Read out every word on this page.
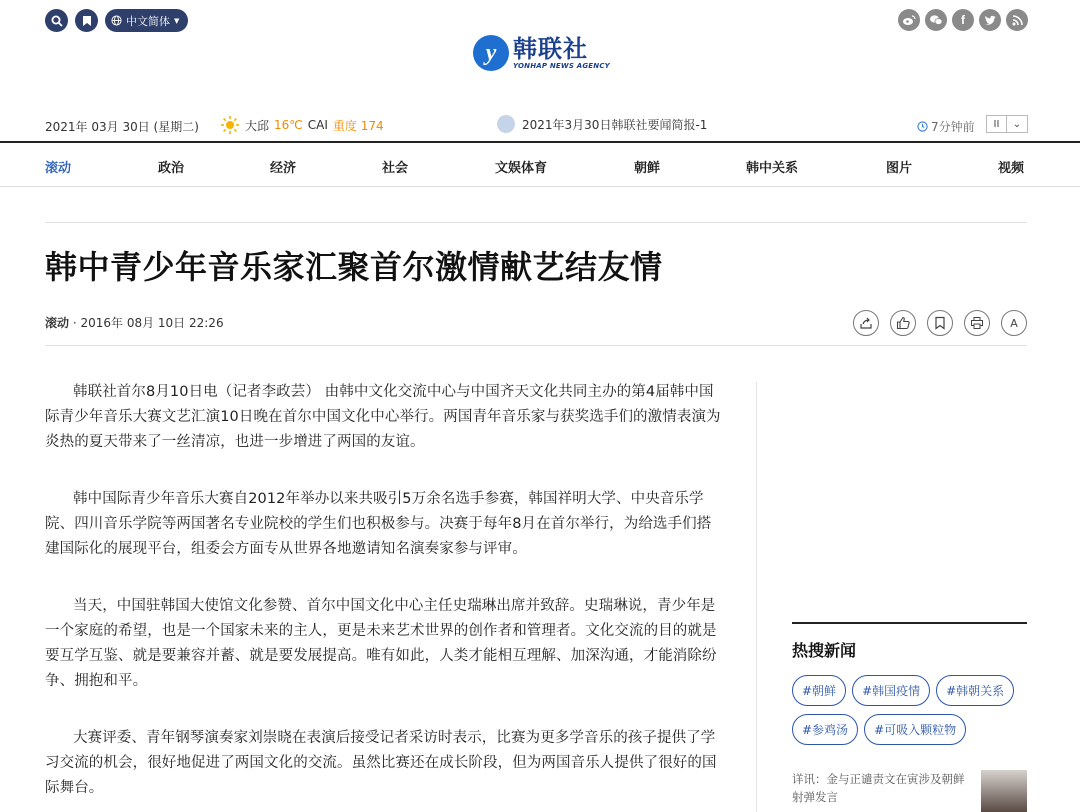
中文简体 ▼
y 韩联社
YONHAP NEWS AGENCY
f
2021年 03月 30日 (星期二)	大邱 16℃ CAI 重度 174	2021年3月30日韩联社要闻简报-1	7分钟前	II	⌄
滚动	政治	经济	社会	文娱体育	朝鲜	韩中关系	图片	视频
韩中青少年音乐家汇聚首尔激情献艺结友情
滚动 · 2016年 08月 10日 22:26	A

韩联社首尔8月10日电（记者李政芸） 由韩中文化交流中心与中国齐天文化共同主办的第4届韩中国际青少年音乐大赛文艺汇演10日晚在首尔中国文化中心举行。两国青年音乐家与获奖选手们的激情表演为炎热的夏天带来了一丝清凉，也进一步增进了两国的友谊。

韩中国际青少年音乐大赛自2012年举办以来共吸引5万余名选手参赛，韩国祥明大学、中央音乐学院、四川音乐学院等两国著名专业院校的学生们也积极参与。决赛于每年8月在首尔举行，为给选手们搭建国际化的展现平台，组委会方面专从世界各地邀请知名演奏家参与评审。

当天，中国驻韩国大使馆文化参赞、首尔中国文化中心主任史瑞琳出席并致辞。史瑞琳说，青少年是一个家庭的希望，也是一个国家未来的主人，更是未来艺术世界的创作者和管理者。文化交流的目的就是要互学互鉴、就是要兼容并蓄、就是要发展提高。唯有如此，人类才能相互理解、加深沟通，才能消除纷争、拥抱和平。

大赛评委、青年钢琴演奏家刘崇晓在表演后接受记者采访时表示，比赛为更多学音乐的孩子提供了学习交流的机会，很好地促进了两国文化的交流。虽然比赛还在成长阶段，但为两国音乐人提供了很好的国际舞台。

热搜新闻
#朝鲜	#韩国疫情	#韩朝关系
#参鸡汤	#可吸入颗粒物
详讯：金与正谴责文在寅涉及朝鲜射弹发言
